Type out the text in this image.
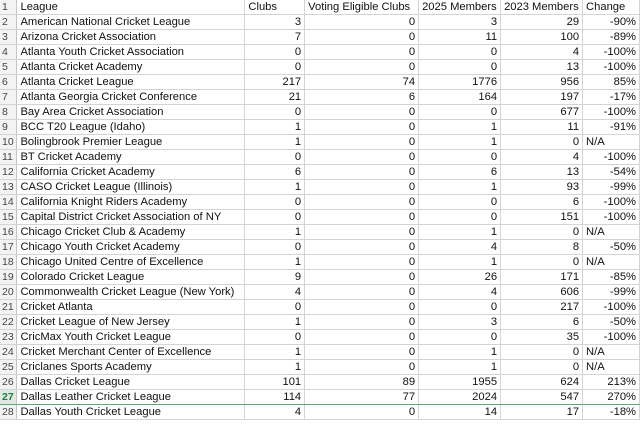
1	League	Clubs	Voting Eligible Clubs	2025 Members	2023 Members	Change
2	American National Cricket League	3	0	3	29	-90%
3	Arizona Cricket Association	7	0	11	100	-89%
4	Atlanta Youth Cricket Association	0	0	0	4	-100%
5	Atlanta Cricket Academy	0	0	0	13	-100%
6	Atlanta Cricket League	217	74	1776	956	85%
7	Atlanta Georgia Cricket Conference	21	6	164	197	-17%
8	Bay Area Cricket Association	0	0	0	677	-100%
9	BCC T20 League (Idaho)	1	0	1	11	-91%
10	Bolingbrook Premier League	1	0	1	0	N/A
11	BT Cricket Academy	0	0	0	4	-100%
12	California Cricket Academy	6	0	6	13	-54%
13	CASO Cricket League (Illinois)	1	0	1	93	-99%
14	California Knight Riders Academy	0	0	0	6	-100%
15	Capital District Cricket Association of NY	0	0	0	151	-100%
16	Chicago Cricket Club & Academy	1	0	1	0	N/A
17	Chicago Youth Cricket Academy	0	0	4	8	-50%
18	Chicago United Centre of Excellence	1	0	1	0	N/A
19	Colorado Cricket League	9	0	26	171	-85%
20	Commonwealth Cricket League (New York)	4	0	4	606	-99%
21	Cricket Atlanta	0	0	0	217	-100%
22	Cricket League of New Jersey	1	0	3	6	-50%
23	CricMax Youth Cricket League	0	0	0	35	-100%
24	Cricket Merchant Center of Excellence	1	0	1	0	N/A
25	Criclanes Sports Academy	1	0	1	0	N/A
26	Dallas Cricket League	101	89	1955	624	213%
27	Dallas Leather Cricket League	114	77	2024	547	270%
28	Dallas Youth Cricket League	4	0	14	17	-18%
